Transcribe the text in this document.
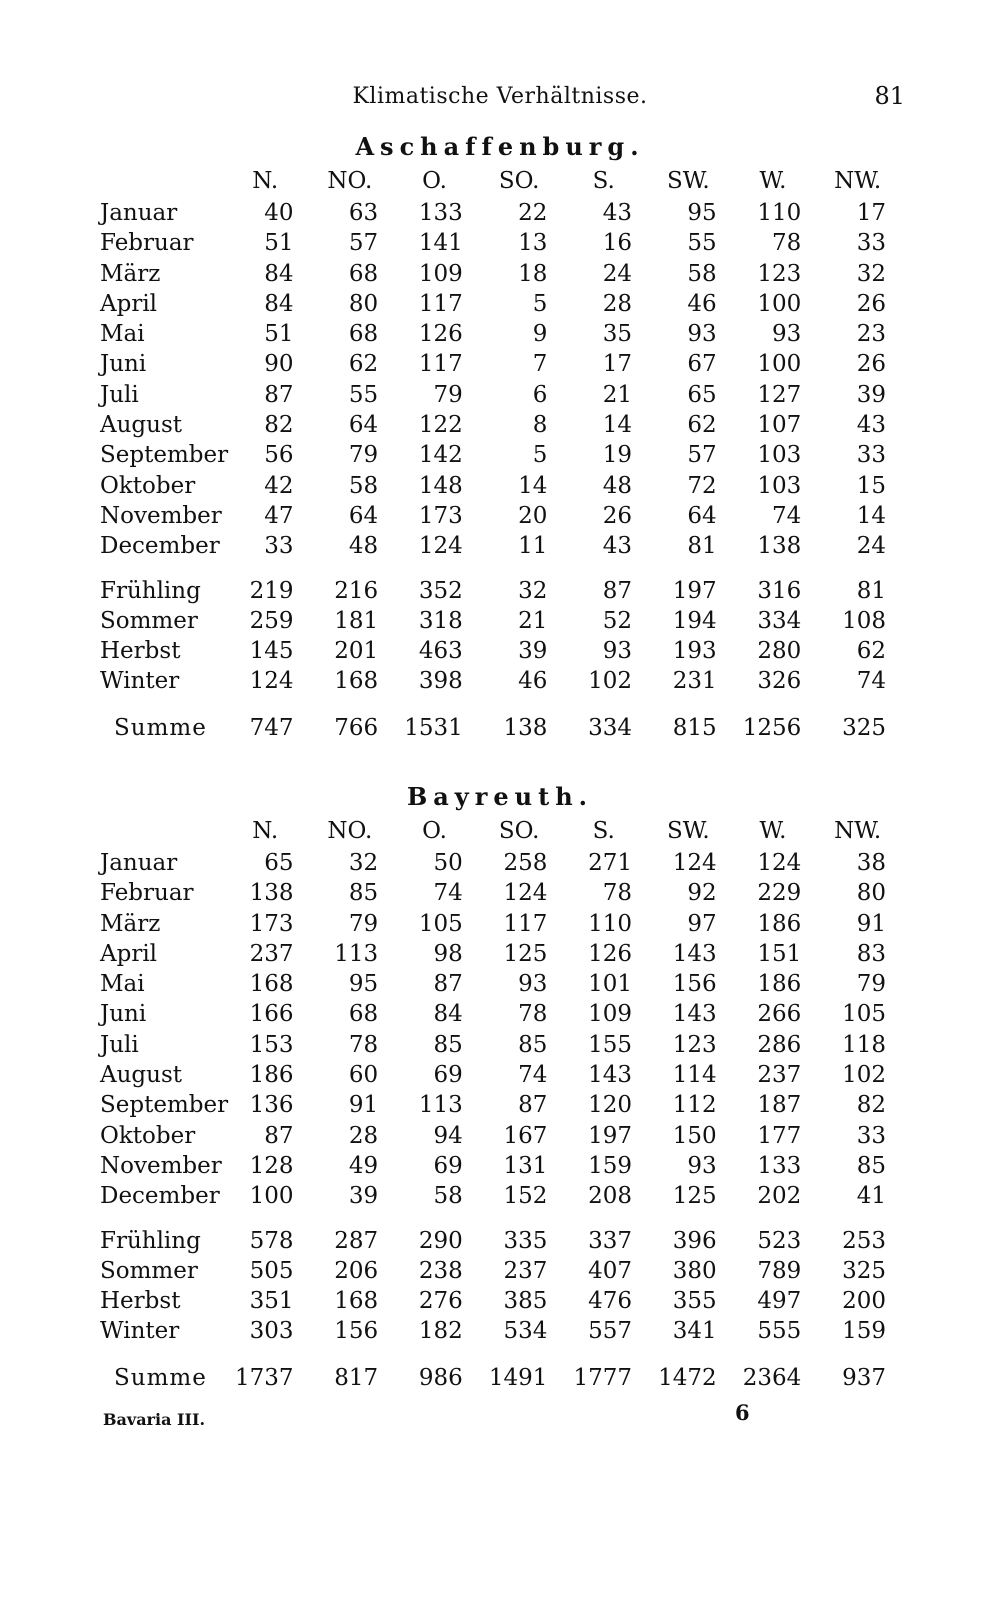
Klimatische Verhältnisse.	81
Aschaffenburg.
	N.	NO.	O.	SO.	S.	SW.	W.	NW.
Januar	40	63	133	22	43	95	110	17
Februar	51	57	141	13	16	55	78	33
März	84	68	109	18	24	58	123	32
April	84	80	117	5	28	46	100	26
Mai	51	68	126	9	35	93	93	23
Juni	90	62	117	7	17	67	100	26
Juli	87	55	79	6	21	65	127	39
August	82	64	122	8	14	62	107	43
September	56	79	142	5	19	57	103	33
Oktober	42	58	148	14	48	72	103	15
November	47	64	173	20	26	64	74	14
December	33	48	124	11	43	81	138	24

Frühling	219	216	352	32	87	197	316	81
Sommer	259	181	318	21	52	194	334	108
Herbst	145	201	463	39	93	193	280	62
Winter	124	168	398	46	102	231	326	74

Summe	747	766	1531	138	334	815	1256	325
Bayreuth.
	N.	NO.	O.	SO.	S.	SW.	W.	NW.
Januar	65	32	50	258	271	124	124	38
Februar	138	85	74	124	78	92	229	80
März	173	79	105	117	110	97	186	91
April	237	113	98	125	126	143	151	83
Mai	168	95	87	93	101	156	186	79
Juni	166	68	84	78	109	143	266	105
Juli	153	78	85	85	155	123	286	118
August	186	60	69	74	143	114	237	102
September	136	91	113	87	120	112	187	82
Oktober	87	28	94	167	197	150	177	33
November	128	49	69	131	159	93	133	85
December	100	39	58	152	208	125	202	41

Frühling	578	287	290	335	337	396	523	253
Sommer	505	206	238	237	407	380	789	325
Herbst	351	168	276	385	476	355	497	200
Winter	303	156	182	534	557	341	555	159

Summe	1737	817	986	1491	1777	1472	2364	937
Bavaria III.	6
